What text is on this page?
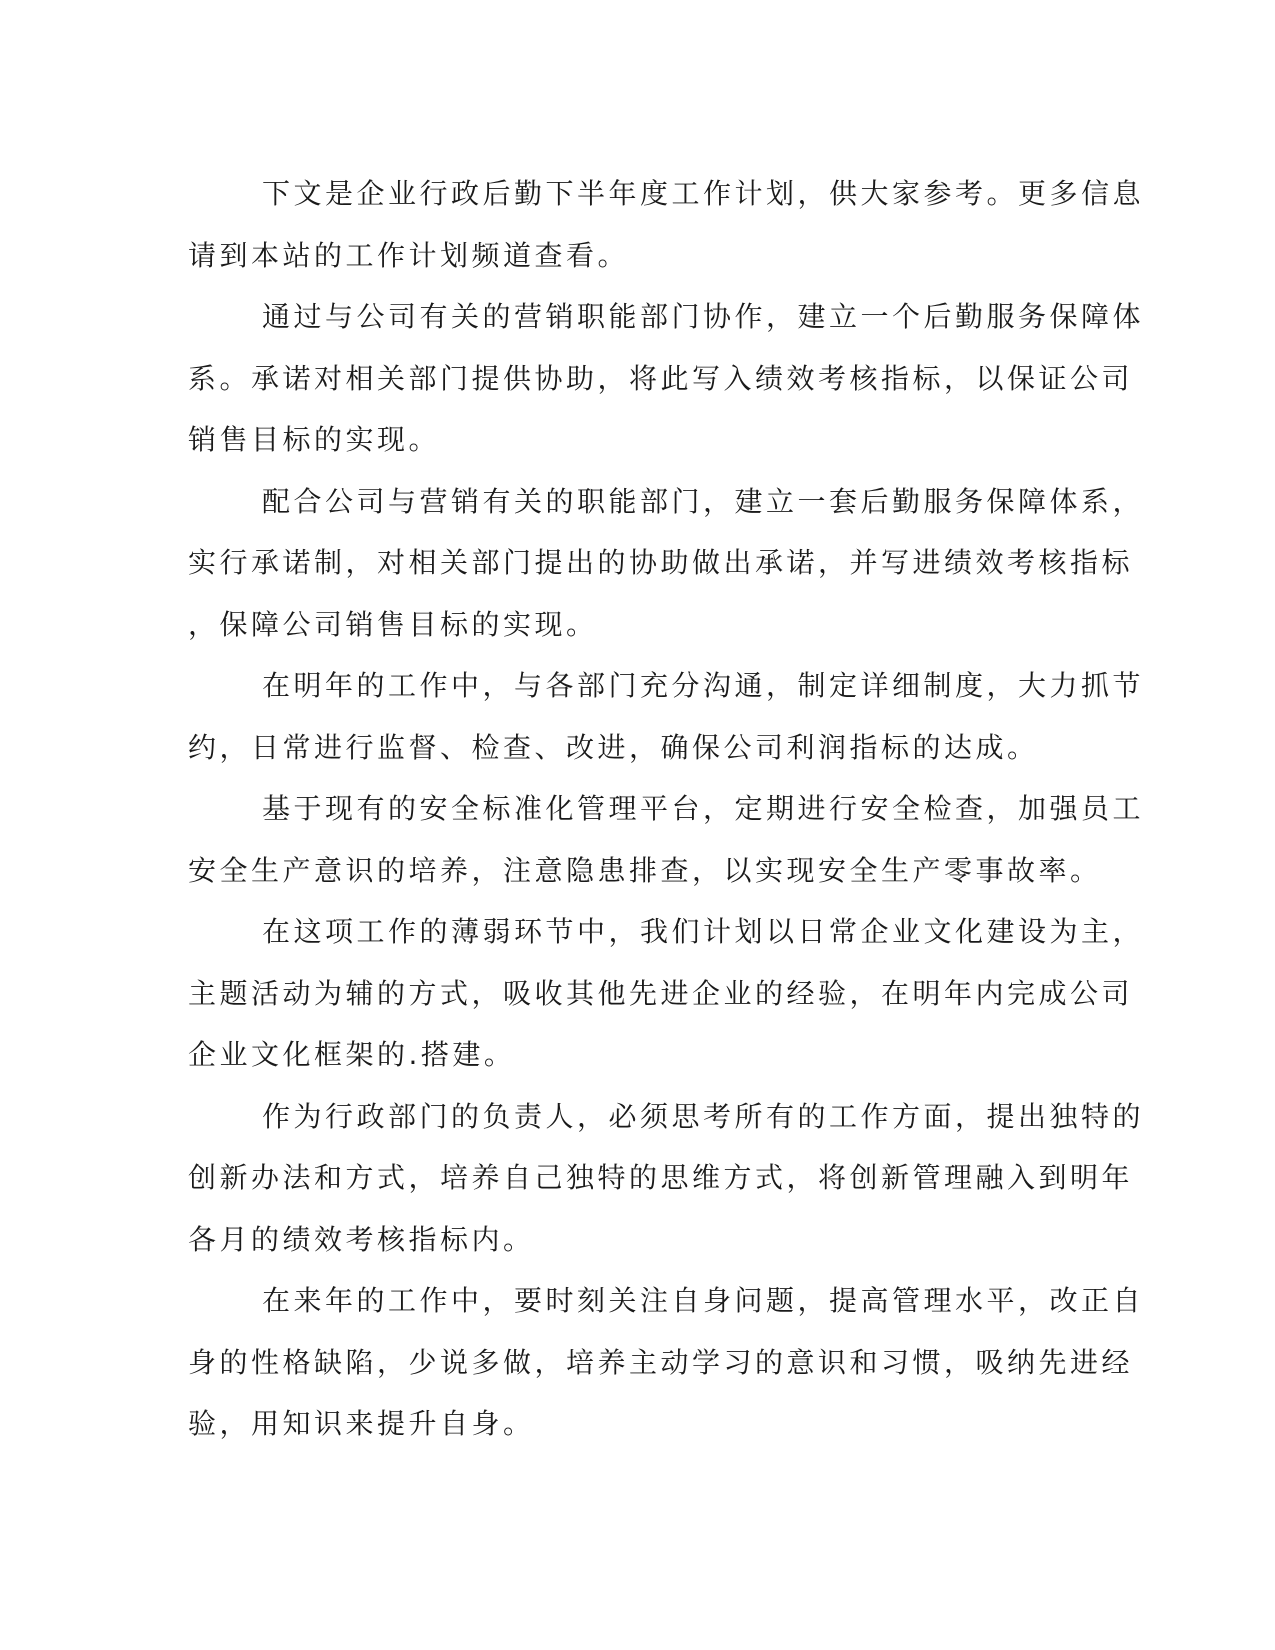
下文是企业行政后勤下半年度工作计划，供大家参考。更多信息
请到本站的工作计划频道查看。
通过与公司有关的营销职能部门协作，建立一个后勤服务保障体
系。承诺对相关部门提供协助，将此写入绩效考核指标，以保证公司
销售目标的实现。
配合公司与营销有关的职能部门，建立一套后勤服务保障体系，
实行承诺制，对相关部门提出的协助做出承诺，并写进绩效考核指标
，保障公司销售目标的实现。
在明年的工作中，与各部门充分沟通，制定详细制度，大力抓节
约，日常进行监督、检查、改进，确保公司利润指标的达成。
基于现有的安全标准化管理平台，定期进行安全检查，加强员工
安全生产意识的培养，注意隐患排查，以实现安全生产零事故率。
在这项工作的薄弱环节中，我们计划以日常企业文化建设为主，
主题活动为辅的方式，吸收其他先进企业的经验，在明年内完成公司
企业文化框架的.搭建。
作为行政部门的负责人，必须思考所有的工作方面，提出独特的
创新办法和方式，培养自己独特的思维方式，将创新管理融入到明年
各月的绩效考核指标内。
在来年的工作中，要时刻关注自身问题，提高管理水平，改正自
身的性格缺陷，少说多做，培养主动学习的意识和习惯，吸纳先进经
验，用知识来提升自身。
